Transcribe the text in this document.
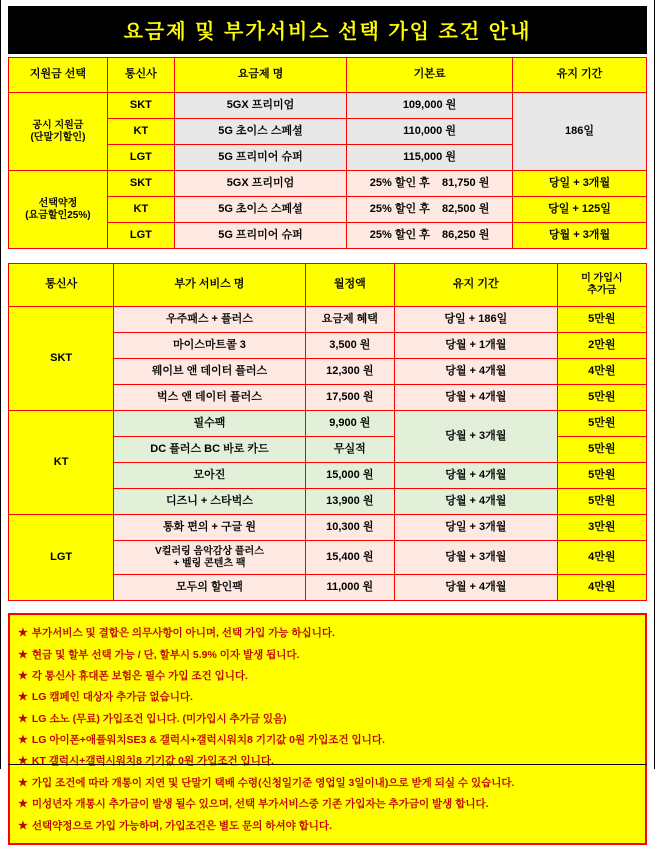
요금제 및 부가서비스 선택 가입 조건 안내
지원금 선택	통신사	요금제 명	기본료	유지 기간

공시 지원금
(단말기할인)	SKT	5GX 프리미엄	109,000 원	186일
	KT	5G 초이스 스페셜	110,000 원	
	LGT	5G 프리미어 슈퍼	115,000 원	

선택약정
(요금할인25%)	SKT	5GX 프리미엄	25% 할인 후 81,750 원	당일 + 3개월
	KT	5G 초이스 스페셜	25% 할인 후 82,500 원	당일 + 125일
	LGT	5G 프리미어 슈퍼	25% 할인 후 86,250 원	당월 + 3개월
통신사	부가 서비스 명	월정액	유지 기간	미 가입시
추가금

SKT	우주패스 + 플러스	요금제 혜택	당일 + 186일	5만원
	마이스마트콜 3	3,500 원	당월 + 1개월	2만원
	웨이브 앤 데이터 플러스	12,300 원	당월 + 4개월	4만원
	벅스 앤 데이터 플러스	17,500 원	당월 + 4개월	5만원
KT	필수팩	9,900 원	당월 + 3개월	5만원
	DC 플러스 BC 바로 카드	무실적		5만원
	모아진	15,000 원	당월 + 4개월	5만원
	디즈니 + 스타벅스	13,900 원	당월 + 4개월	5만원
LGT	통화 편의 + 구글 원	10,300 원	당일 + 3개월	3만원

	V컬러링 음악감상 플러스
+ 벨링 콘텐츠 팩	15,400 원	당월 + 3개월	4만원
	모두의 할인팩	11,000 원	당월 + 4개월	4만원
★ 부가서비스 및 결합은 의무사항이 아니며, 선택 가입 가능 하십니다.
★ 현금 및 할부 선택 가능 / 단, 할부시 5.9% 이자 발생 됩니다.
★ 각 통신사 휴대폰 보험은 필수 가입 조건 입니다.
★ LG 캠페인 대상자 추가금 없습니다.
★ LG 소노 (무료) 가입조건 입니다. (미가입시 추가금 있음)
★ LG 아이폰+애플워치SE3 & 갤럭시+갤럭시워치8 기기값 0원 가입조건 입니다.
★ KT 갤럭시+갤럭시워치8 기기값 0원 가입조건 입니다.
★ 가입 조건에 따라 개통이 지연 및 단말기 택배 수령(신청일기준 영업일 3일이내)으로 받게 되실 수 있습니다.
★ 미성년자 개통시 추가금이 발생 될수 있으며, 선택 부가서비스중 기존 가입자는 추가금이 발생 합니다.
★ 선택약정으로 가입 가능하며, 가입조건은 별도 문의 하셔야 합니다.
